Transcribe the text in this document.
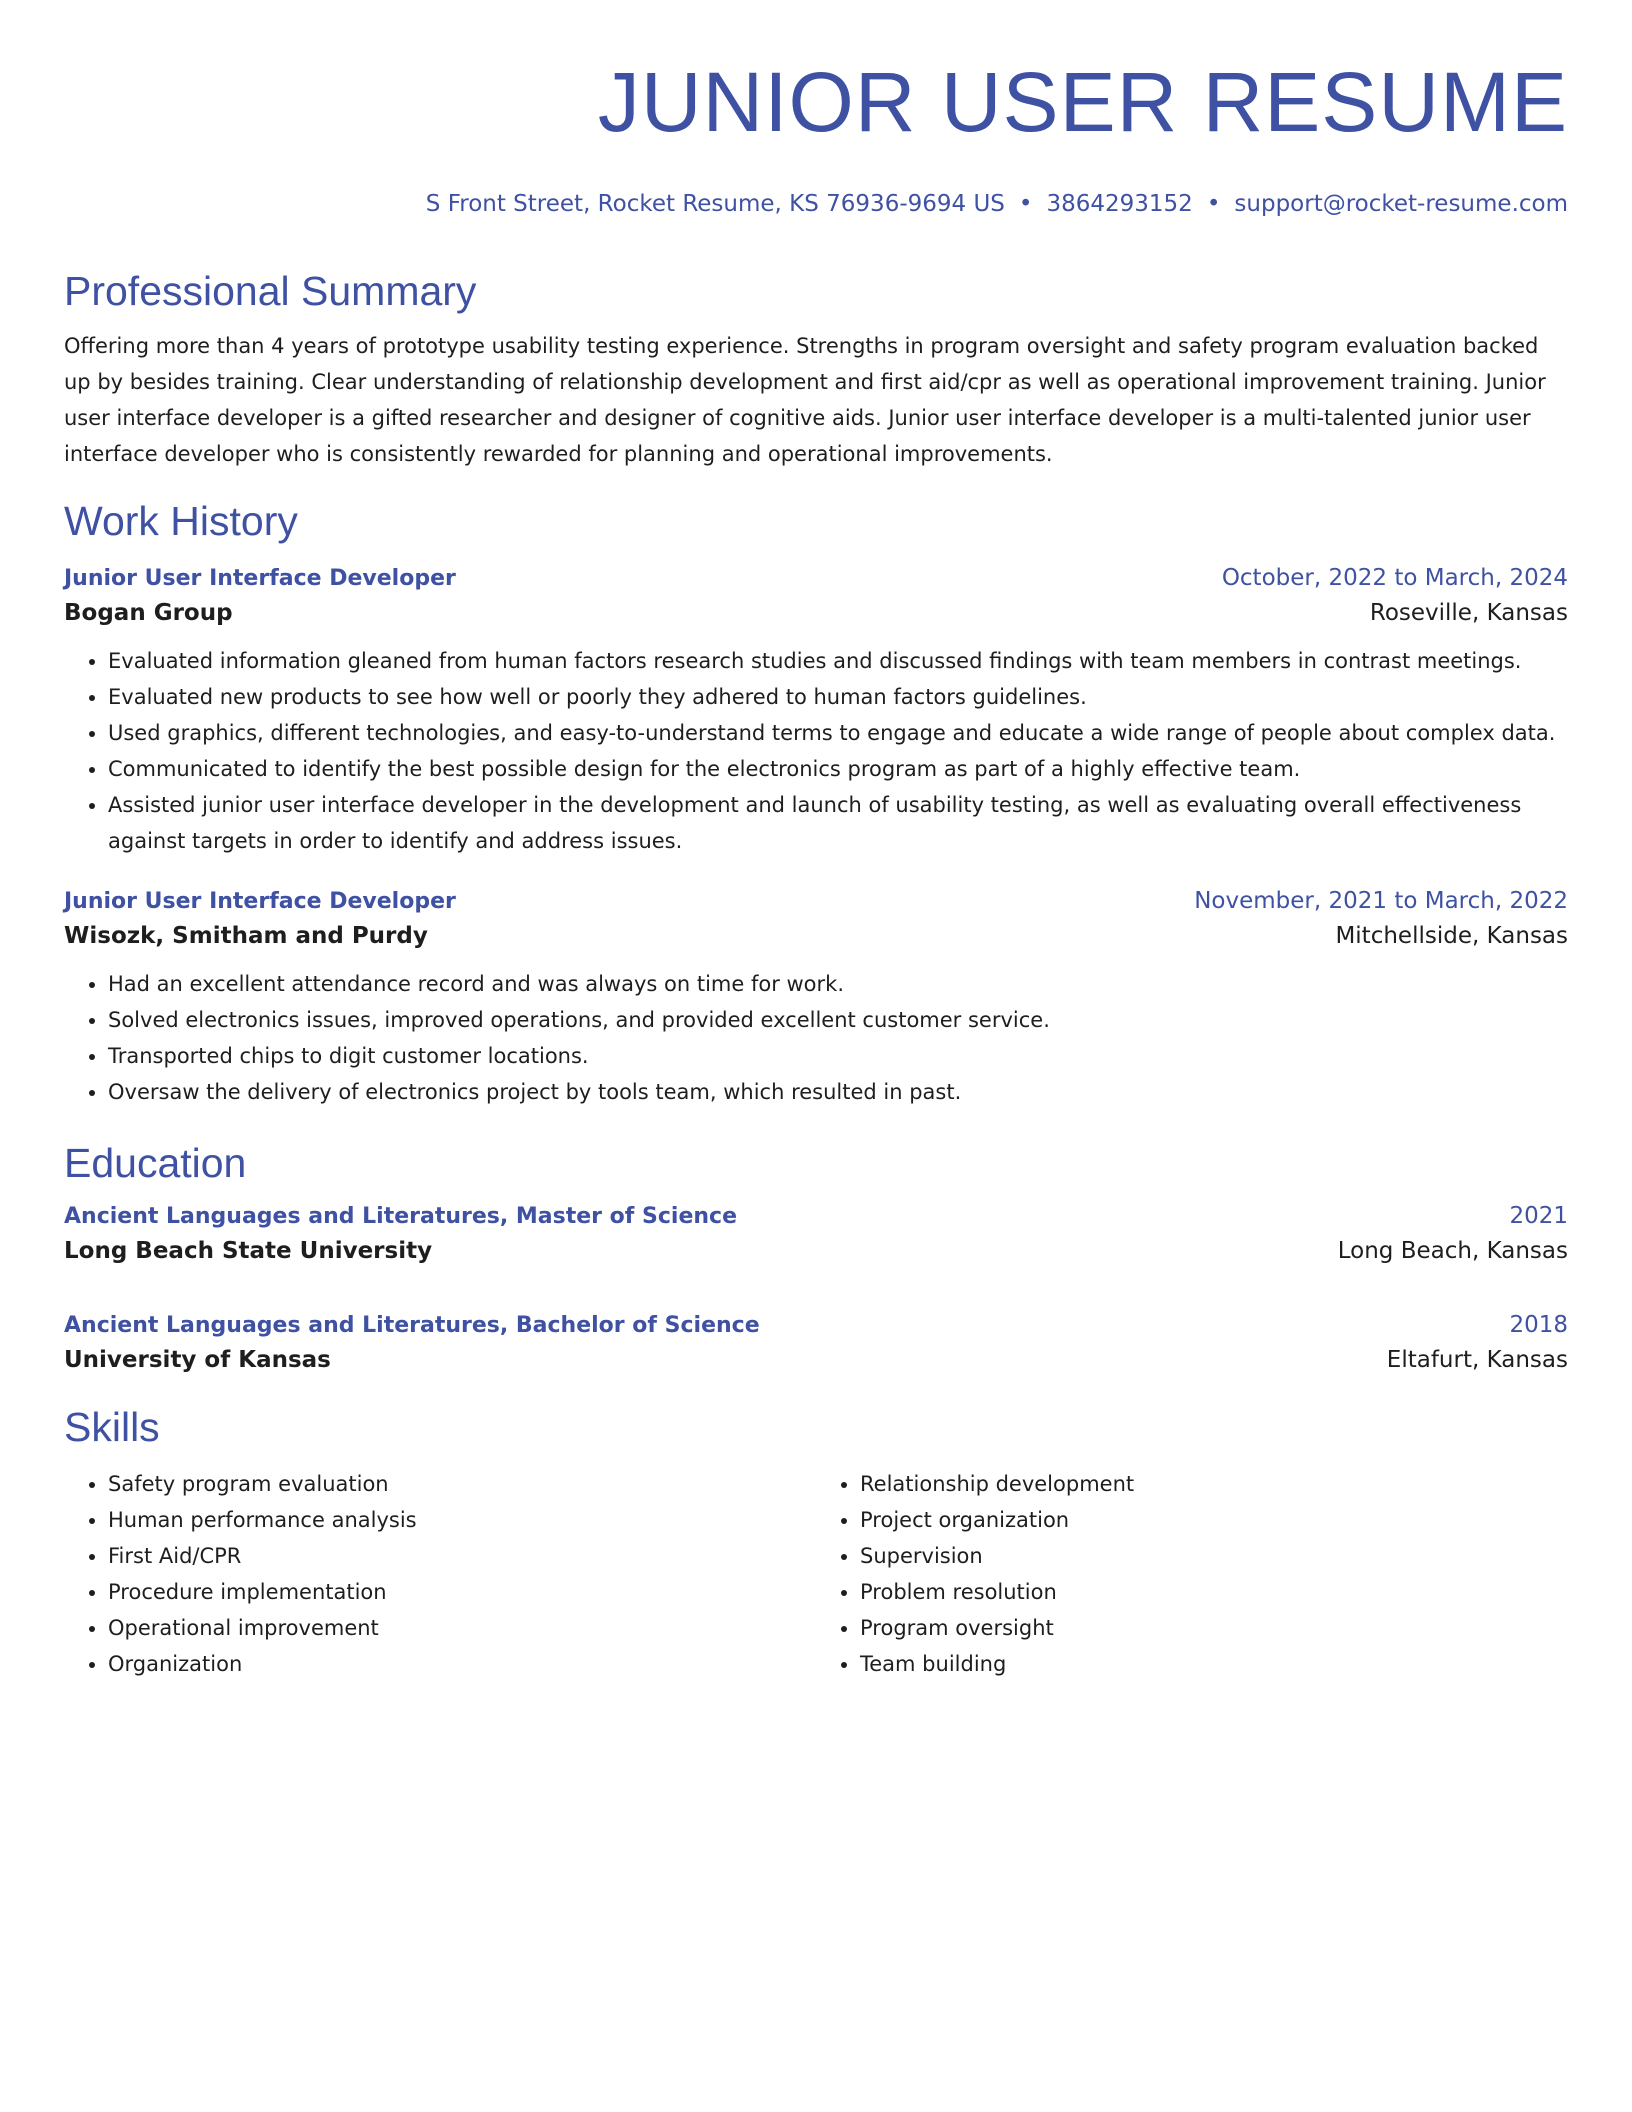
JUNIOR USER RESUME
S Front Street, Rocket Resume, KS 76936-9694 US • 3864293152 • support@rocket-resume.com
Professional Summary
Offering more than 4 years of prototype usability testing experience. Strengths in program oversight and safety program evaluation backed up by besides training. Clear understanding of relationship development and first aid/cpr as well as operational improvement training. Junior user interface developer is a gifted researcher and designer of cognitive aids. Junior user interface developer is a multi-talented junior user interface developer who is consistently rewarded for planning and operational improvements.
Work History
Junior User Interface Developer	October, 2022 to March, 2024
Bogan Group	Roseville, Kansas
• Evaluated information gleaned from human factors research studies and discussed findings with team members in contrast meetings.
• Evaluated new products to see how well or poorly they adhered to human factors guidelines.
• Used graphics, different technologies, and easy-to-understand terms to engage and educate a wide range of people about complex data.
• Communicated to identify the best possible design for the electronics program as part of a highly effective team.
• Assisted junior user interface developer in the development and launch of usability testing, as well as evaluating overall effectiveness against targets in order to identify and address issues.
Junior User Interface Developer	November, 2021 to March, 2022
Wisozk, Smitham and Purdy	Mitchellside, Kansas
• Had an excellent attendance record and was always on time for work.
• Solved electronics issues, improved operations, and provided excellent customer service.
• Transported chips to digit customer locations.
• Oversaw the delivery of electronics project by tools team, which resulted in past.
Education
Ancient Languages and Literatures, Master of Science	2021
Long Beach State University	Long Beach, Kansas
Ancient Languages and Literatures, Bachelor of Science	2018
University of Kansas	Eltafurt, Kansas
Skills
• Safety program evaluation
• Human performance analysis
• First Aid/CPR
• Procedure implementation
• Operational improvement
• Organization
• Relationship development
• Project organization
• Supervision
• Problem resolution
• Program oversight
• Team building
